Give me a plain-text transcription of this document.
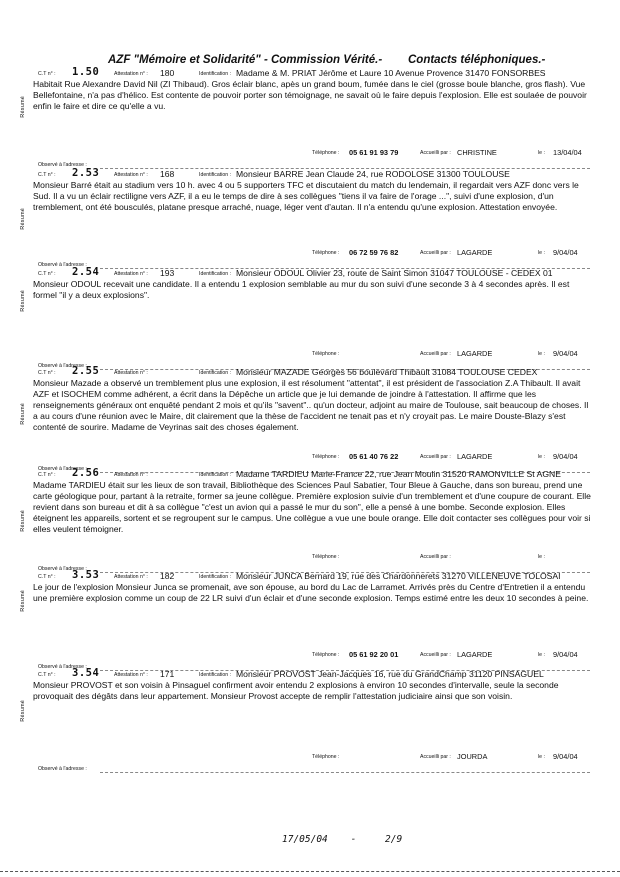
AZF "Mémoire et Solidarité" - Commission Vérité.- Contacts téléphoniques.-
C.T n° : 1.50	Attestation n° : 180	Identification : Madame & M. PRIAT Jérôme et Laure 10 Avenue Provence 31470 FONSORBES
Habitait Rue Alexandre David Nil (ZI Thibaud). Gros éclair blanc, apès un grand boum, fumée dans le ciel (grosse boule blanche, gros flash). Vue Bellefontaine, n'a pas d'hélico. Est contente de pouvoir porter son témoignage, ne savait où le faire depuis l'explosion. Elle est soulaée de pouvoir enfin le faire et dire ce qu'elle a vu.
Résumé
Téléphone : 05 61 91 93 79	Accueilli par : CHRISTINE	le : 13/04/04
Observé à l'adresse :
C.T n° : 2.53	Attestation n° : 168	Identification : Monsieur BARRE Jean Claude 24, rue RODOLOSE 31300 TOULOUSE
Monsieur Barré était au stadium vers 10 h. avec 4 ou 5 supporters TFC et discutaient du match du lendemain, il regardait vers AZF donc vers le Sud. Il a vu un éclair rectiligne vers AZF, il a eu le temps de dire à ses collègues "tiens il va faire de l'orage ...", suivi d'une explosion, d'un tremblement, ont été bousculés, platane presque arraché, nuage, léger vent d'autan. Il n'a entendu qu'une explosion. Attestation envoyée.
Résumé
Téléphone : 06 72 59 76 82	Accueilli par : LAGARDE	le : 9/04/04
Observé à l'adresse :
C.T n° : 2.54	Attestation n° : 193	Identification : Monsieur ODOUL Olivier 23, route de Saint Simon 31047 TOULOUSE - CEDEX 01
Monsieur ODOUL recevait une candidate. Il a entendu 1 explosion semblable au mur du son suivi d'une seconde 3 à 4 secondes après. Il est formel "il y a deux explosions".
Résumé
Téléphone :	Accueilli par : LAGARDE	le : 9/04/04
Observé à l'adresse :
C.T n° : 2.55	Attestation n° :	Identification : Monsieur MAZADE Georges 56 boulevard Thibault 31084 TOULOUSE CEDEX
Monsieur Mazade a observé un tremblement plus une explosion, il est résolument "attentat", il est président de l'association Z.A Thibault. Il avait AZF et ISOCHEM comme adhérent, a écrit dans la Dépêche un article que je lui demande de joindre à l'attestation. Il affirme que les renseignements généraux ont enquêté pendant 2 mois et qu'ils "savent".. qu'un docteur, adjoint au maire de Toulouse, sait beaucoup de choses. Il a au cours d'une réunion avec le Maire, dit clairement que la thèse de l'accident ne tenait pas et n'y croyait pas. Le maire Douste-Blazy s'est contenté de sourire. Madame de Veyrinas sait des choses également.
Résumé
Téléphone : 05 61 40 76 22	Accueilli par : LAGARDE	le : 9/04/04
Observé à l'adresse :
C.T n° : 2.56	Attestation n° :	Identification : Madame TARDIEU Marie-France 22, rue Jean Moulin 31520 RAMONVILLE St AGNE
Madame TARDIEU était sur les lieux de son travail, Bibliothèque des Sciences Paul Sabatier, Tour Bleue à Gauche, dans son bureau, prend une carte géologique pour, partant à la retraite, former sa jeune collègue. Première explosion suivie d'un tremblement et d'une coupure de courant. Elle revient dans son bureau et dit à sa collègue "c'est un avion qui a passé le mur du son", elle a pensé à une bombe. Seconde explosion. Elles éteignent les appareils, sortent et se regroupent sur le campus. Une collègue a vue une boule orange. Elle doit contacter ses collègues pour voir si elles veulent témoigner.
Résumé
Téléphone :	Accueilli par :	le :
Observé à l'adresse :
C.T n° : 3.53	Attestation n° : 182	Identification : Monsieur JUNCA Bernard 19, rue des Chardonnerets 31270 VILLENEUVE TOLOSAI
Le jour de l'explosion Monsieur Junca se promenait, ave son épouse, au bord du Lac de Larramet. Arrivés près du Centre d'Entretien il a entendu une première explosion comme un coup de 22 LR suivi d'un éclair et d'une seconde explosion. Temps estimé entre les deux 10 secondes à peine.
Résumé
Téléphone : 05 61 92 20 01	Accueilli par : LAGARDE	le : 9/04/04
Observé à l'adresse :
C.T n° : 3.54	Attestation n° : 171	Identification : Monsieur PROVOST Jean-Jacques 16, rue du GrandChamp 31120 PINSAGUEL
Monsieur PROVOST et son voisin à Pinsaguel confirment avoir entendu 2 explosions à environ 10 secondes d'intervalle, seule la seconde provoquait des dégâts dans leur appartement. Monsieur Provost accepte de remplir l'attestation judiciaire ainsi que son voisin.
Résumé
Téléphone :	Accueilli par : JOURDA	le : 9/04/04
Observé à l'adresse :
17/05/04 -	2/9
